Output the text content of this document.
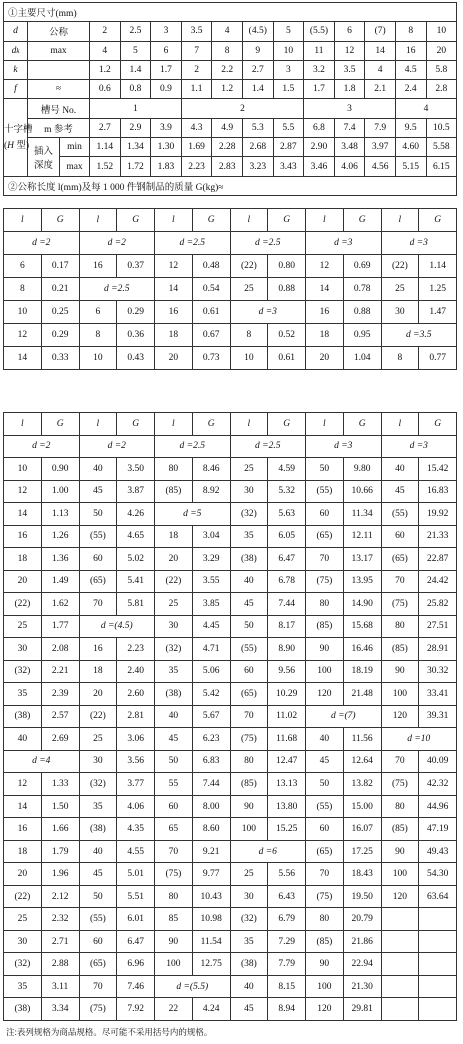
①主要尺寸(mm)														
d	公称		2	2.5	3	3.5	4	(4.5)	5	(5.5)	6	(7)	8	10
dk	max		4	5	6	7	8	9	10	11	12	14	16	20
k			1.2	1.4	1.7	2	2.2	2.7	3	3.2	3.5	4	4.5	5.8
f	≈		0.6	0.8	0.9	1.1	1.2	1.4	1.5	1.7	1.8	2.1	2.4	2.8

十字槽
(H 型)	槽号 No.		1			2				3			4	
	m 参考		2.7	2.9	3.9	4.3	4.9	5.3	5.5	6.8	7.4	7.9	9.5	10.5
	插入
深度	min	1.14	1.34	1.30	1.69	2.28	2.68	2.87	2.90	3.48	3.97	4.60	5.58
		max	1.52	1.72	1.83	2.23	2.83	3.23	3.43	3.46	4.06	4.56	5.15	6.15
②公称长度 l(mm)及每 1 000 件钢制品的质量 G(kg)≈														
l	G	l	G	l	G	l	G	l	G	l	G
d =2		d =2		d =2.5		d =2.5		d =3		d =3	
6	0.17	16	0.37	12	0.48	(22)	0.80	12	0.69	(22)	1.14
8	0.21	d =2.5		14	0.54	25	0.88	14	0.78	25	1.25
10	0.25	6	0.29	16	0.61	d =3		16	0.88	30	1.47
12	0.29	8	0.36	18	0.67	8	0.52	18	0.95	d =3.5	
14	0.33	10	0.43	20	0.73	10	0.61	20	1.04	8	0.77
l	G	l	G	l	G	l	G	l	G	l	G
d =2		d =2		d =2.5		d =2.5		d =3		d =3	
10	0.90	40	3.50	80	8.46	25	4.59	50	9.80	40	15.42
12	1.00	45	3.87	(85)	8.92	30	5.32	(55)	10.66	45	16.83
14	1.13	50	4.26	d =5		(32)	5.63	60	11.34	(55)	19.92
16	1.26	(55)	4.65	18	3.04	35	6.05	(65)	12.11	60	21.33
18	1.36	60	5.02	20	3.29	(38)	6.47	70	13.17	(65)	22.87
20	1.49	(65)	5.41	(22)	3.55	40	6.78	(75)	13.95	70	24.42
(22)	1.62	70	5.81	25	3.85	45	7.44	80	14.90	(75)	25.82
25	1.77	d =(4.5)		30	4.45	50	8.17	(85)	15.68	80	27.51
30	2.08	16	2.23	(32)	4.71	(55)	8.90	90	16.46	(85)	28.91
(32)	2.21	18	2.40	35	5.06	60	9.56	100	18.19	90	30.32
35	2.39	20	2.60	(38)	5.42	(65)	10.29	120	21.48	100	33.41
(38)	2.57	(22)	2.81	40	5.67	70	11.02	d =(7)		120	39.31
40	2.69	25	3.06	45	6.23	(75)	11.68	40	11.56	d =10	
d =4		30	3.56	50	6.83	80	12.47	45	12.64	70	40.09
12	1.33	(32)	3.77	55	7.44	(85)	13.13	50	13.82	(75)	42.32
14	1.50	35	4.06	60	8.00	90	13.80	(55)	15.00	80	44.96
16	1.66	(38)	4.35	65	8.60	100	15.25	60	16.07	(85)	47.19
18	1.79	40	4.55	70	9.21	d =6		(65)	17.25	90	49.43
20	1.96	45	5.01	(75)	9.77	25	5.56	70	18.43	100	54.30
(22)	2.12	50	5.51	80	10.43	30	6.43	(75)	19.50	120	63.64
25	2.32	(55)	6.01	85	10.98	(32)	6.79	80	20.79		
30	2.71	60	6.47	90	11.54	35	7.29	(85)	21.86		
(32)	2.88	(65)	6.96	100	12.75	(38)	7.79	90	22.94		
35	3.11	70	7.46	d =(5.5)		40	8.15	100	21.30		
(38)	3.34	(75)	7.92	22	4.24	45	8.94	120	29.81		
注:表列规格为商品规格。尽可能不采用括号内的规格。
